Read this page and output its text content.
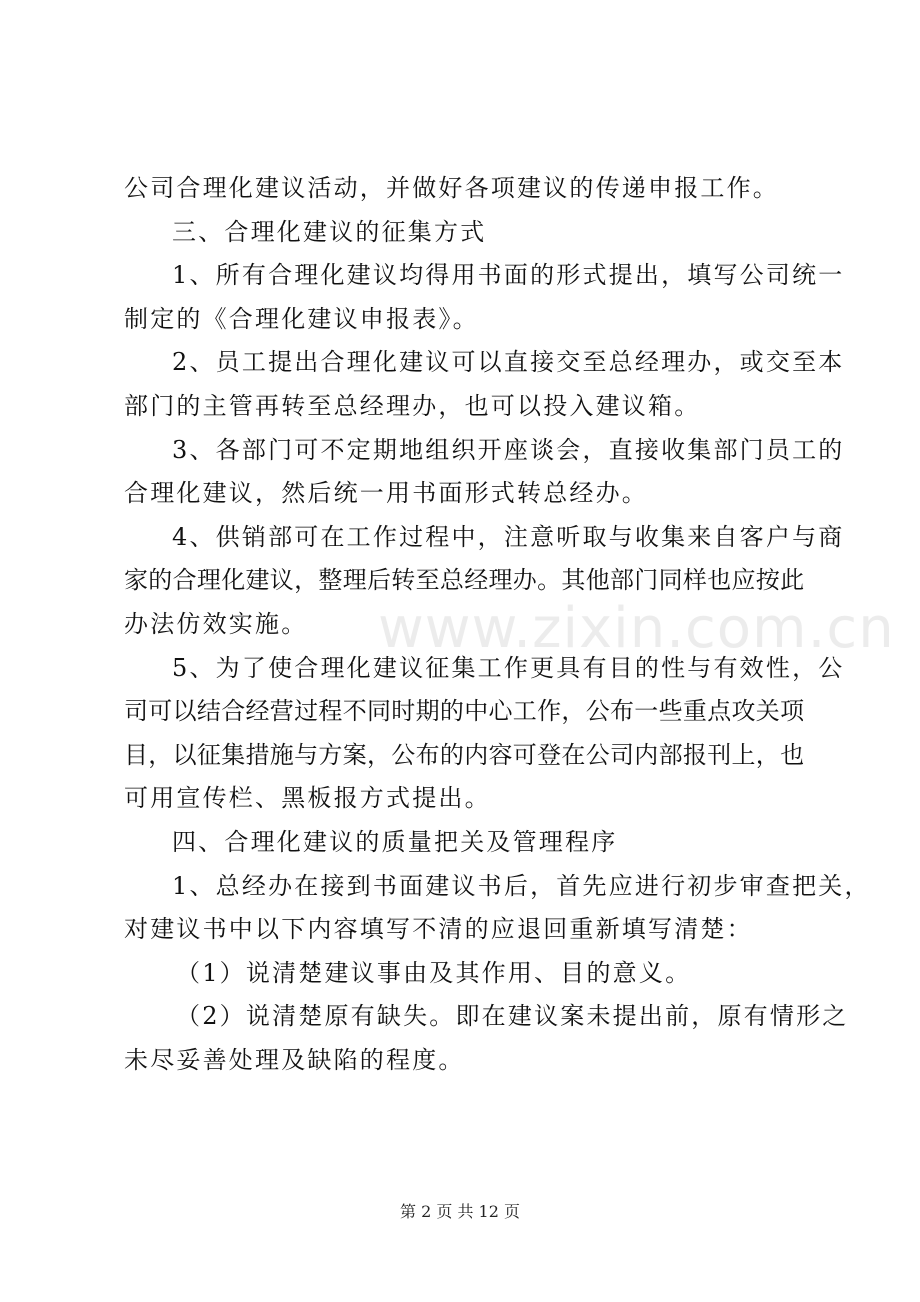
公司合理化建议活动，并做好各项建议的传递申报工作。
三、合理化建议的征集方式
1、所有合理化建议均得用书面的形式提出，填写公司统一
制定的《合理化建议申报表》。
2、员工提出合理化建议可以直接交至总经理办，或交至本
部门的主管再转至总经理办，也可以投入建议箱。
3、各部门可不定期地组织开座谈会，直接收集部门员工的
合理化建议，然后统一用书面形式转总经办。
4、供销部可在工作过程中，注意听取与收集来自客户与商
家的合理化建议，整理后转至总经理办。其他部门同样也应按此
办法仿效实施。
5、为了使合理化建议征集工作更具有目的性与有效性，公
司可以结合经营过程不同时期的中心工作，公布一些重点攻关项
目，以征集措施与方案，公布的内容可登在公司内部报刊上，也
可用宣传栏、黑板报方式提出。
四、合理化建议的质量把关及管理程序
1、总经办在接到书面建议书后，首先应进行初步审查把关，
对建议书中以下内容填写不清的应退回重新填写清楚：
（1）说清楚建议事由及其作用、目的意义。
（2）说清楚原有缺失。即在建议案未提出前，原有情形之
未尽妥善处理及缺陷的程度。
www.zixin.com.cn
第 2 页 共 12 页
